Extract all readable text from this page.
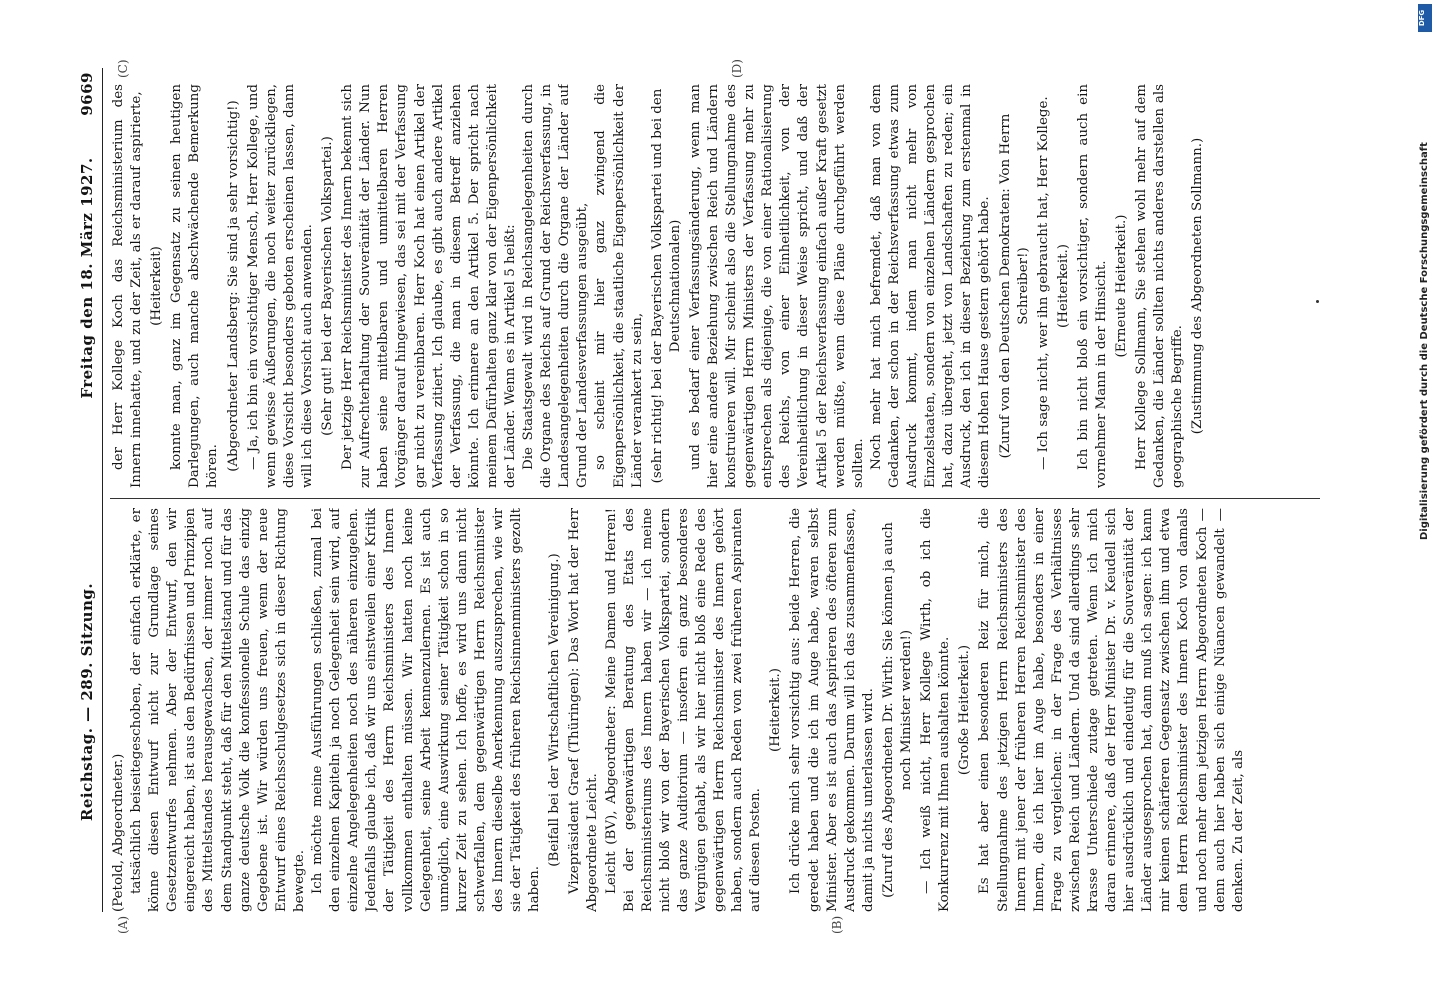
Reichstag. — 289. Sitzung.
Freitag den 18. März 1927.
9669
(A)	(B)
(C)	(D)

(Petold, Abgeordneter.) tatsächlich beiseitegeschoben, der einfach erklärte, er könne diesen Entwurf nicht zur Grundlage seines Gesetzentwurfes nehmen. Aber der Entwurf, den wir eingereicht haben, ist aus den Bedürfnissen und Prinzipien des Mittelstandes herausgewachsen, der immer noch auf dem Standpunkt steht, daß für den Mittelstand und für das ganze deutsche Volk die konfessionelle Schule das einzig Gegebene ist. Wir würden uns freuen, wenn der neue Entwurf eines Reichsschulgesetzes sich in dieser Richtung bewegte. Ich möchte meine Ausführungen schließen, zumal bei den einzelnen Kapiteln ja noch Gelegenheit sein wird, auf einzelne Angelegenheiten noch des näheren einzugehen. Jedenfalls glaube ich, daß wir uns einstweilen einer Kritik der Tätigkeit des Herrn Reichsministers des Innern vollkommen enthalten müssen. Wir hatten noch keine Gelegenheit, seine Arbeit kennenzulernen. Es ist auch unmöglich, eine Auswirkung seiner Tätigkeit schon in so kurzer Zeit zu sehen. Ich hoffe, es wird uns dann nicht schwerfallen, dem gegenwärtigen Herrn Reichsminister des Innern dieselbe Anerkennung auszusprechen, wie wir sie der Tätigkeit des früheren Reichsinnenministers gezollt haben.

(Beifall bei der Wirtschaftlichen Vereinigung.) Vizepräsident Graef (Thüringen): Das Wort hat der Herr Abgeordnete Leicht. Leicht (BV), Abgeordneter: Meine Damen und Herren! Bei der gegenwärtigen Beratung des Etats des Reichsministeriums des Innern haben wir — ich meine nicht bloß wir von der Bayerischen Volkspartei, sondern das ganze Auditorium — insofern ein ganz besonderes Vergnügen gehabt, als wir hier nicht bloß eine Rede des gegenwärtigen Herrn Reichsminister des Innern gehört haben, sondern auch Reden von zwei früheren Aspiranten auf diesen Posten.

(Heiterkeit.) Ich drücke mich sehr vorsichtig aus: beide Herren, die geredet haben und die ich im Auge habe, waren selbst Minister. Aber es ist auch das Aspirieren des öfteren zum Ausdruck gekommen. Darum will ich das zusammenfassen, damit ja nichts unterlassen wird. (Zuruf des Abgeordneten Dr. Wirth: Sie können ja auch noch Minister werden!) — Ich weiß nicht, Herr Kollege Wirth, ob ich die Konkurrenz mit Ihnen aushalten könnte. (Große Heiterkeit.) Es hat aber einen besonderen Reiz für mich, die Stellungnahme des jetzigen Herrn Reichsministers des Innern mit jener der früheren Herren Reichsminister des Innern, die ich hier im Auge habe, besonders in einer Frage zu vergleichen: in der Frage des Verhältnisses zwischen Reich und Ländern. Und da sind allerdings sehr krasse Unterschiede zutage getreten. Wenn ich mich daran erinnere, daß der Herr Minister Dr. v. Keudell sich hier ausdrücklich und eindeutig für die Souveränität der Länder ausgesprochen hat, dann muß ich sagen: ich kann mir keinen schärferen Gegensatz zwischen ihm und etwa dem Herrn Reichsminister des Innern Koch von damals und noch mehr dem jetzigen Herrn Abgeordneten Koch — denn auch hier haben sich einige Nüancen gewandelt — denken. Zu der Zeit, als

der Herr Kollege Koch das Reichsministerium des Innern innehatte, und zu der Zeit, als er darauf aspirierte, (Heiterkeit) konnte man, ganz im Gegensatz zu seinen heutigen Darlegungen, auch manche abschwächende Bemerkung hören. (Abgeordneter Landsberg: Sie sind ja sehr vorsichtig!) — Ja, ich bin ein vorsichtiger Mensch, Herr Kollege, und wenn gewisse Äußerungen, die noch weiter zurückliegen, diese Vorsicht besonders geboten erscheinen lassen, dann will ich diese Vorsicht auch anwenden. (Sehr gut! bei der Bayerischen Volkspartei.) Der jetzige Herr Reichsminister des Innern bekennt sich zur Aufrechterhaltung der Souveränität der Länder. Nun haben seine mittelbaren und unmittelbaren Herren Vorgänger darauf hingewiesen, das sei mit der Verfassung gar nicht zu vereinbaren. Herr Koch hat einen Artikel der Verfassung zitiert. Ich glaube, es gibt auch andere Artikel der Verfassung, die man in diesem Betreff anziehen könnte. Ich erinnere an den Artikel 5. Der spricht nach meinem Dafürhalten ganz klar von der Eigenpersönlichkeit der Länder. Wenn es in Artikel 5 heißt: Die Staatsgewalt wird in Reichsangelegenheiten durch die Organe des Reichs auf Grund der Reichsverfassung, in Landesangelegenheiten durch die Organe der Länder auf Grund der Landesverfassungen ausgeübt, so scheint mir hier ganz zwingend die Eigenpersönlichkeit, die staatliche Eigenpersönlichkeit der Länder verankert zu sein, (sehr richtig! bei der Bayerischen Volkspartei und bei den Deutschnationalen) und es bedarf einer Verfassungsänderung, wenn man hier eine andere Beziehung zwischen Reich und Ländern konstruieren will. Mir scheint also die Stellungnahme des gegenwärtigen Herrn Ministers der Verfassung mehr zu entsprechen als diejenige, die von einer Rationalisierung des Reichs, von einer Einheitlichkeit, von der Vereinheitlichung in dieser Weise spricht, und daß der Artikel 5 der Reichsverfassung einfach außer Kraft gesetzt werden müßte, wenn diese Pläne durchgeführt werden sollten. Noch mehr hat mich befremdet, daß man von dem Gedanken, der schon in der Reichsverfassung etwas zum Ausdruck kommt, indem man nicht mehr von Einzelstaaten, sondern von einzelnen Ländern gesprochen hat, dazu übergeht, jetzt von Landschaften zu reden; ein Ausdruck, den ich in dieser Beziehung zum erstenmal in diesem Hohen Hause gestern gehört habe. (Zuruf von den Deutschen Demokraten: Von Herrn Schreiber!) — Ich sage nicht, wer ihn gebraucht hat, Herr Kollege. (Heiterkeit.) Ich bin nicht bloß ein vorsichtiger, sondern auch ein vornehmer Mann in der Hinsicht. (Erneute Heiterkeit.) Herr Kollege Sollmann, Sie stehen wohl mehr auf dem Gedanken, die Länder sollten nichts anderes darstellen als geographische Begriffe. (Zustimmung des Abgeordneten Sollmann.)

DFG
Digitalisierung gefördert durch die Deutsche Forschungsgemeinschaft
